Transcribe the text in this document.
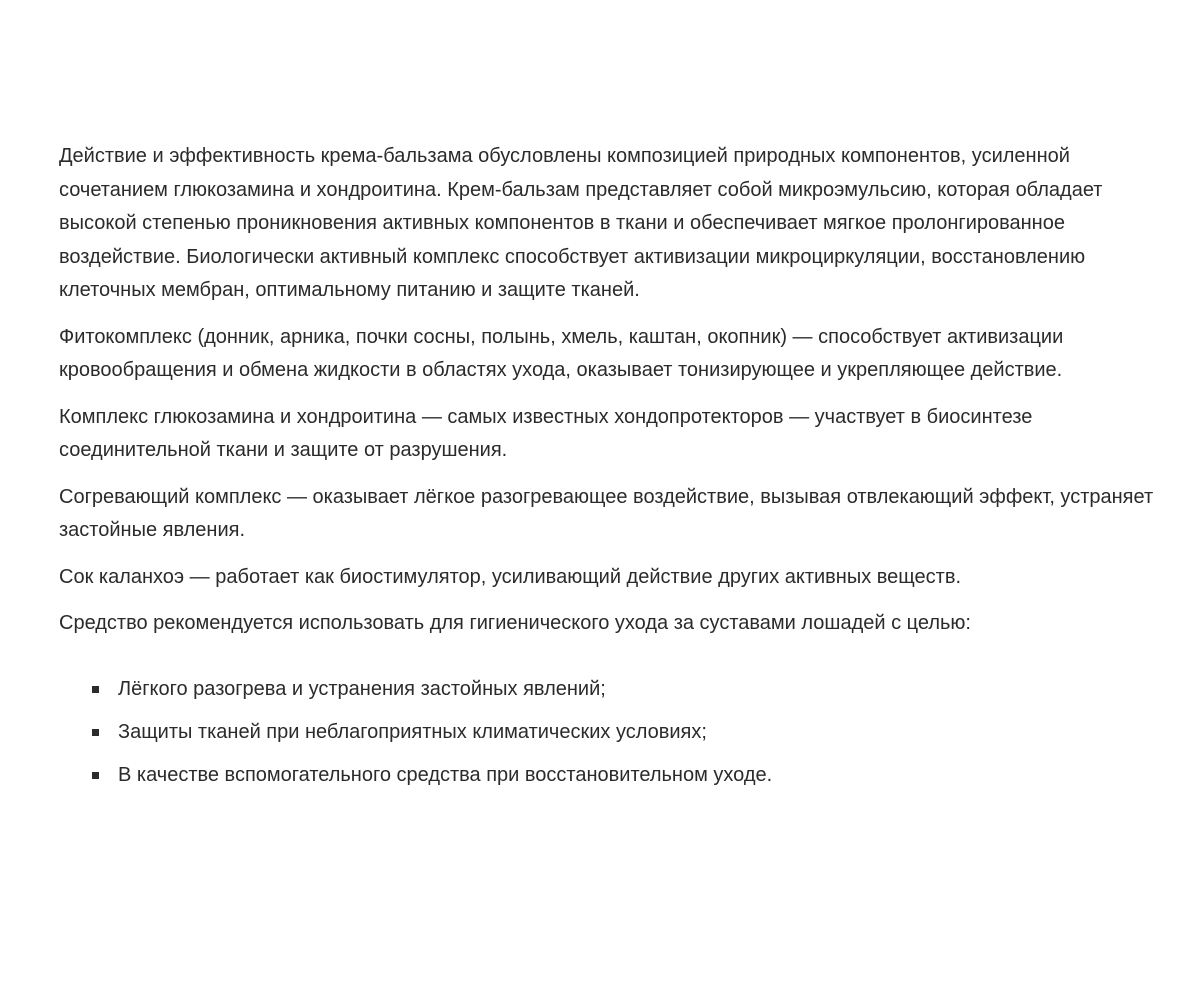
Действие и эффективность крема-бальзама обусловлены композицией природных компонентов, усиленной сочетанием глюкозамина и хондроитина. Крем-бальзам представляет собой микроэмульсию, которая обладает высокой степенью проникновения активных компонентов в ткани и обеспечивает мягкое пролонгированное воздействие. Биологически активный комплекс способствует активизации микроциркуляции, восстановлению клеточных мембран, оптимальному питанию и защите тканей.

Фитокомплекс (донник, арника, почки сосны, полынь, хмель, каштан, окопник) — способствует активизации кровообращения и обмена жидкости в областях ухода, оказывает тонизирующее и укрепляющее действие.

Комплекс глюкозамина и хондроитина — самых известных хондопротекторов — участвует в биосинтезе соединительной ткани и защите от разрушения.

Согревающий комплекс — оказывает лёгкое разогревающее воздействие, вызывая отвлекающий эффект, устраняет застойные явления.

Сок каланхоэ — работает как биостимулятор, усиливающий действие других активных веществ.

Средство рекомендуется использовать для гигиенического ухода за суставами лошадей с целью:

Лёгкого разогрева и устранения застойных явлений;
Защиты тканей при неблагоприятных климатических условиях;
В качестве вспомогательного средства при восстановительном уходе.
